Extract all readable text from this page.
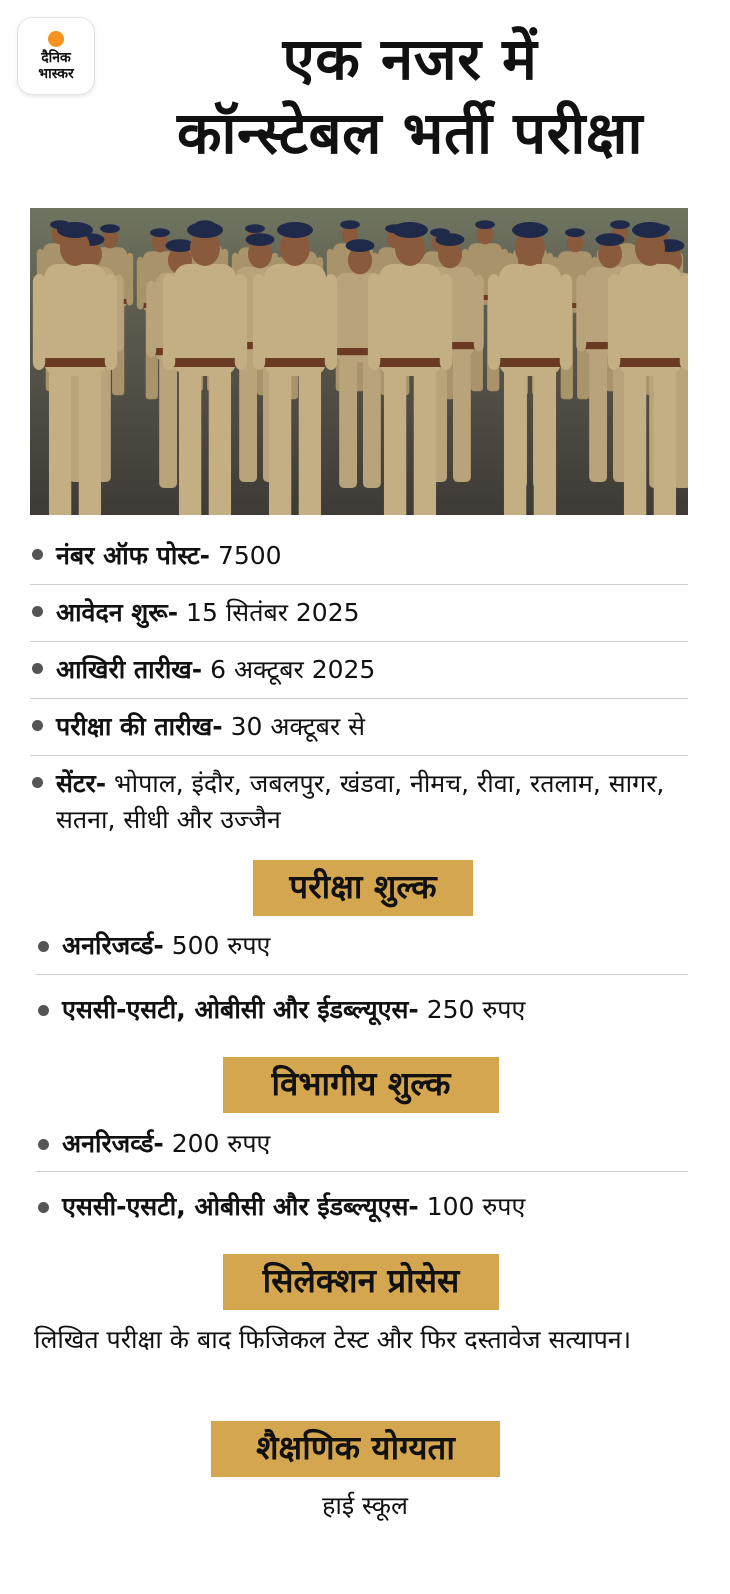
दैनिक
भास्कर	एक नजर में
कॉन्स्टेबल भर्ती परीक्षा
नंबर ऑफ पोस्ट- 7500
आवेदन शुरू- 15 सितंबर 2025
आखिरी तारीख- 6 अक्टूबर 2025
परीक्षा की तारीख- 30 अक्टूबर से
सेंटर- भोपाल, इंदौर, जबलपुर, खंडवा, नीमच, रीवा, रतलाम, सागर, सतना, सीधी और उज्जैन
परीक्षा शुल्क
अनरिजर्व्ड- 500 रुपए
एससी-एसटी, ओबीसी और ईडब्ल्यूएस- 250 रुपए
विभागीय शुल्क
अनरिजर्व्ड- 200 रुपए
एससी-एसटी, ओबीसी और ईडब्ल्यूएस- 100 रुपए
सिलेक्शन प्रोसेस
लिखित परीक्षा के बाद फिजिकल टेस्ट और फिर दस्तावेज सत्यापन।
शैक्षणिक योग्यता
हाई स्कूल
